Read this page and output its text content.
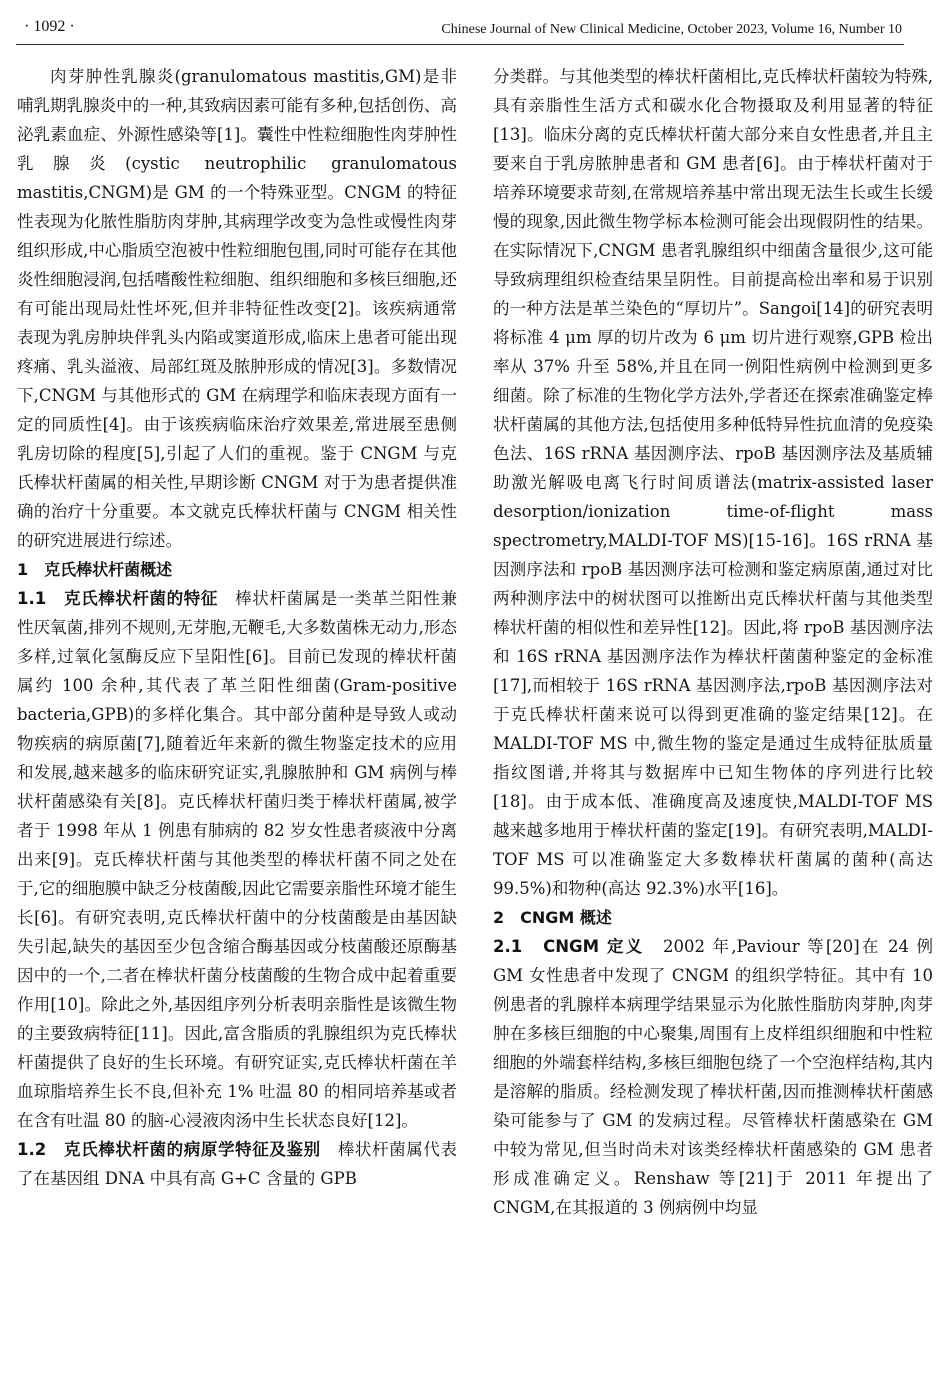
· 1092 ·	Chinese Journal of New Clinical Medicine, October 2023, Volume 16, Number 10

肉芽肿性乳腺炎(granulomatous mastitis,GM)是非哺乳期乳腺炎中的一种,其致病因素可能有多种,包括创伤、高泌乳素血症、外源性感染等[1]。囊性中性粒细胞性肉芽肿性乳腺炎(cystic neutrophilic granulomatous mastitis,CNGM)是 GM 的一个特殊亚型。CNGM 的特征性表现为化脓性脂肪肉芽肿,其病理学改变为急性或慢性肉芽组织形成,中心脂质空泡被中性粒细胞包围,同时可能存在其他炎性细胞浸润,包括嗜酸性粒细胞、组织细胞和多核巨细胞,还有可能出现局灶性坏死,但并非特征性改变[2]。该疾病通常表现为乳房肿块伴乳头内陷或窦道形成,临床上患者可能出现疼痛、乳头溢液、局部红斑及脓肿形成的情况[3]。多数情况下,CNGM 与其他形式的 GM 在病理学和临床表现方面有一定的同质性[4]。由于该疾病临床治疗效果差,常进展至患侧乳房切除的程度[5],引起了人们的重视。鉴于 CNGM 与克氏棒状杆菌属的相关性,早期诊断 CNGM 对于为患者提供准确的治疗十分重要。本文就克氏棒状杆菌与 CNGM 相关性的研究进展进行综述。

1　克氏棒状杆菌概述

1.1　克氏棒状杆菌的特征　棒状杆菌属是一类革兰阳性兼性厌氧菌,排列不规则,无芽胞,无鞭毛,大多数菌株无动力,形态多样,过氧化氢酶反应下呈阳性[6]。目前已发现的棒状杆菌属约 100 余种,其代表了革兰阳性细菌(Gram-positive bacteria,GPB)的多样化集合。其中部分菌种是导致人或动物疾病的病原菌[7],随着近年来新的微生物鉴定技术的应用和发展,越来越多的临床研究证实,乳腺脓肿和 GM 病例与棒状杆菌感染有关[8]。克氏棒状杆菌归类于棒状杆菌属,被学者于 1998 年从 1 例患有肺病的 82 岁女性患者痰液中分离出来[9]。克氏棒状杆菌与其他类型的棒状杆菌不同之处在于,它的细胞膜中缺乏分枝菌酸,因此它需要亲脂性环境才能生长[6]。有研究表明,克氏棒状杆菌中的分枝菌酸是由基因缺失引起,缺失的基因至少包含缩合酶基因或分枝菌酸还原酶基因中的一个,二者在棒状杆菌分枝菌酸的生物合成中起着重要作用[10]。除此之外,基因组序列分析表明亲脂性是该微生物的主要致病特征[11]。因此,富含脂质的乳腺组织为克氏棒状杆菌提供了良好的生长环境。有研究证实,克氏棒状杆菌在羊血琼脂培养生长不良,但补充 1% 吐温 80 的相同培养基或者在含有吐温 80 的脑-心浸液肉汤中生长状态良好[12]。

1.2　克氏棒状杆菌的病原学特征及鉴别　棒状杆菌属代表了在基因组 DNA 中具有高 G+C 含量的 GPB

分类群。与其他类型的棒状杆菌相比,克氏棒状杆菌较为特殊,具有亲脂性生活方式和碳水化合物摄取及利用显著的特征[13]。临床分离的克氏棒状杆菌大部分来自女性患者,并且主要来自于乳房脓肿患者和 GM 患者[6]。由于棒状杆菌对于培养环境要求苛刻,在常规培养基中常出现无法生长或生长缓慢的现象,因此微生物学标本检测可能会出现假阴性的结果。在实际情况下,CNGM 患者乳腺组织中细菌含量很少,这可能导致病理组织检查结果呈阴性。目前提高检出率和易于识别的一种方法是革兰染色的“厚切片”。Sangoi[14]的研究表明将标准 4 μm 厚的切片改为 6 μm 切片进行观察,GPB 检出率从 37% 升至 58%,并且在同一例阳性病例中检测到更多细菌。除了标准的生物化学方法外,学者还在探索准确鉴定棒状杆菌属的其他方法,包括使用多种低特异性抗血清的免疫染色法、16S rRNA 基因测序法、rpoB 基因测序法及基质辅助激光解吸电离飞行时间质谱法(matrix-assisted laser desorption/ionization time-of-flight mass spectrometry,MALDI-TOF MS)[15-16]。16S rRNA 基因测序法和 rpoB 基因测序法可检测和鉴定病原菌,通过对比两种测序法中的树状图可以推断出克氏棒状杆菌与其他类型棒状杆菌的相似性和差异性[12]。因此,将 rpoB 基因测序法和 16S rRNA 基因测序法作为棒状杆菌菌种鉴定的金标准[17],而相较于 16S rRNA 基因测序法,rpoB 基因测序法对于克氏棒状杆菌来说可以得到更准确的鉴定结果[12]。在 MALDI-TOF MS 中,微生物的鉴定是通过生成特征肽质量指纹图谱,并将其与数据库中已知生物体的序列进行比较[18]。由于成本低、准确度高及速度快,MALDI-TOF MS 越来越多地用于棒状杆菌的鉴定[19]。有研究表明,MALDI-TOF MS 可以准确鉴定大多数棒状杆菌属的菌种(高达 99.5%)和物种(高达 92.3%)水平[16]。

2　CNGM 概述

2.1　CNGM 定义　2002 年,Paviour 等[20]在 24 例 GM 女性患者中发现了 CNGM 的组织学特征。其中有 10 例患者的乳腺样本病理学结果显示为化脓性脂肪肉芽肿,肉芽肿在多核巨细胞的中心聚集,周围有上皮样组织细胞和中性粒细胞的外端套样结构,多核巨细胞包绕了一个空泡样结构,其内是溶解的脂质。经检测发现了棒状杆菌,因而推测棒状杆菌感染可能参与了 GM 的发病过程。尽管棒状杆菌感染在 GM 中较为常见,但当时尚未对该类经棒状杆菌感染的 GM 患者形成准确定义。Renshaw 等[21]于 2011 年提出了 CNGM,在其报道的 3 例病例中均显
